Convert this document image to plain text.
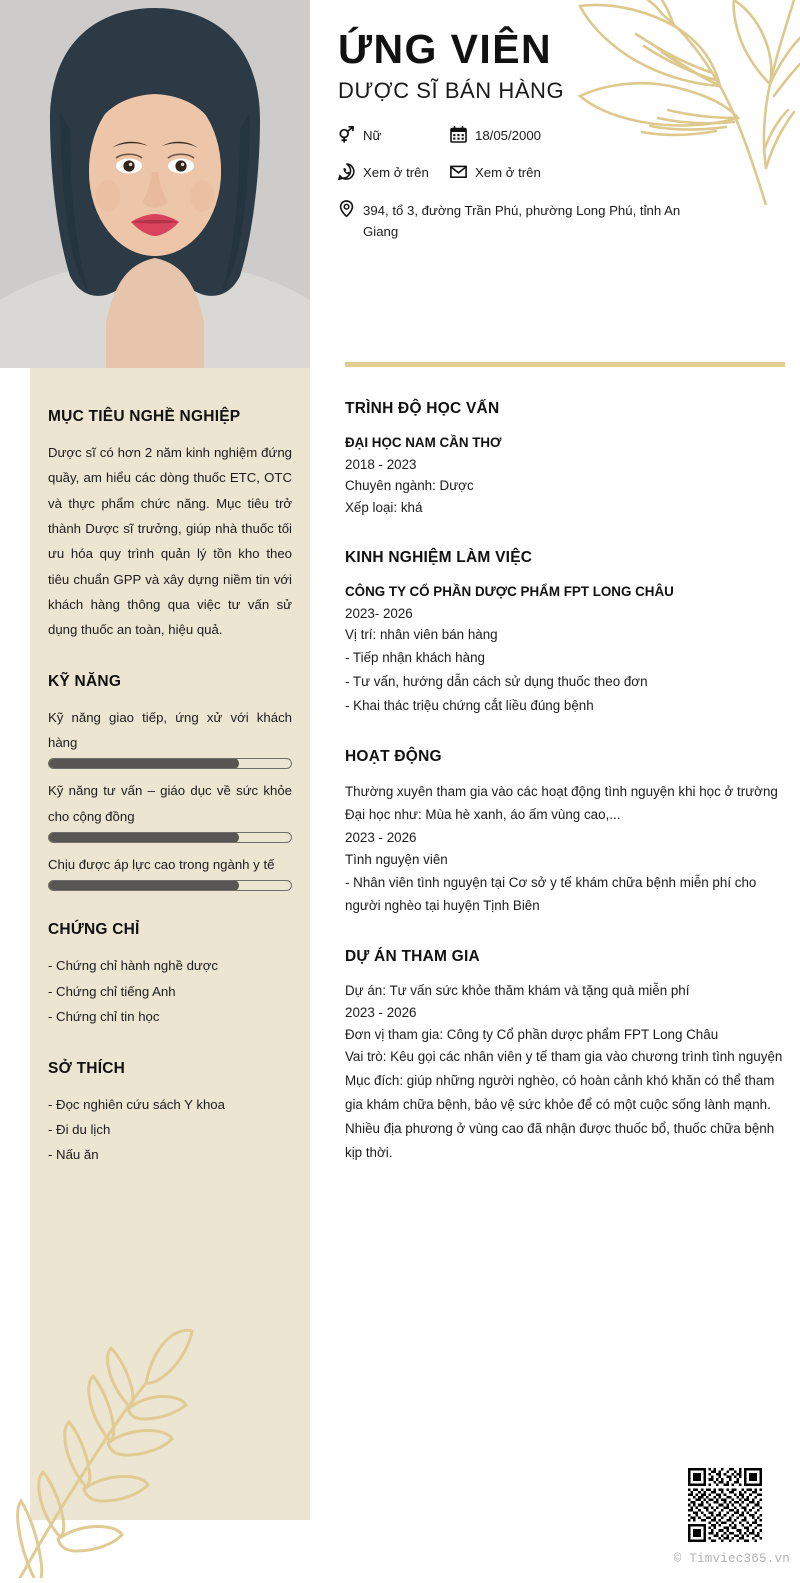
MỤC TIÊU NGHỀ NGHIỆP
Dược sĩ có hơn 2 năm kinh nghiệm đứng quầy, am hiểu các dòng thuốc ETC, OTC và thực phẩm chức năng. Mục tiêu trở thành Dược sĩ trưởng, giúp nhà thuốc tối ưu hóa quy trình quản lý tồn kho theo tiêu chuẩn GPP và xây dựng niềm tin với khách hàng thông qua việc tư vấn sử dụng thuốc an toàn, hiệu quả.
KỸ NĂNG
Kỹ năng giao tiếp, ứng xử với khách hàng
Kỹ năng tư vấn – giáo dục về sức khỏe cho cộng đồng
Chịu được áp lực cao trong ngành y tế
CHỨNG CHỈ
- Chứng chỉ hành nghề dược
- Chứng chỉ tiếng Anh
- Chứng chỉ tin học
SỞ THÍCH
- Đọc nghiên cứu sách Y khoa
- Đi du lịch
- Nấu ăn
ỨNG VIÊN
DƯỢC SĨ BÁN HÀNG
Nữ	18/05/2000
Xem ở trên	Xem ở trên
394, tổ 3, đường Trần Phú, phường Long Phú, tỉnh An Giang
TRÌNH ĐỘ HỌC VẤN
ĐẠI HỌC NAM CẦN THƠ
2018 - 2023
Chuyên ngành: Dược
Xếp loại: khá
KINH NGHIỆM LÀM VIỆC
CÔNG TY CỔ PHẦN DƯỢC PHẨM FPT LONG CHÂU
2023- 2026
Vị trí: nhân viên bán hàng
- Tiếp nhận khách hàng
- Tư vấn, hướng dẫn cách sử dụng thuốc theo đơn
- Khai thác triệu chứng cắt liều đúng bệnh
HOẠT ĐỘNG
Thường xuyên tham gia vào các hoạt động tình nguyện khi học ở trường Đại học như: Mùa hè xanh, áo ấm vùng cao,...
2023 - 2026
Tình nguyện viên
- Nhân viên tình nguyện tại Cơ sở y tế khám chữa bệnh miễn phí cho người nghèo tại huyện Tịnh Biên
DỰ ÁN THAM GIA
Dự án: Tư vấn sức khỏe thăm khám và tặng quà miễn phí
2023 - 2026
Đơn vị tham gia: Công ty Cổ phần dược phẩm FPT Long Châu
Vai trò: Kêu gọi các nhân viên y tế tham gia vào chương trình tình nguyện
Mục đích: giúp những người nghèo, có hoàn cảnh khó khăn có thể tham gia khám chữa bệnh, bảo vệ sức khỏe để có một cuộc sống lành mạnh. Nhiều địa phương ở vùng cao đã nhận được thuốc bổ, thuốc chữa bệnh kịp thời.
© Timviec365.vn
